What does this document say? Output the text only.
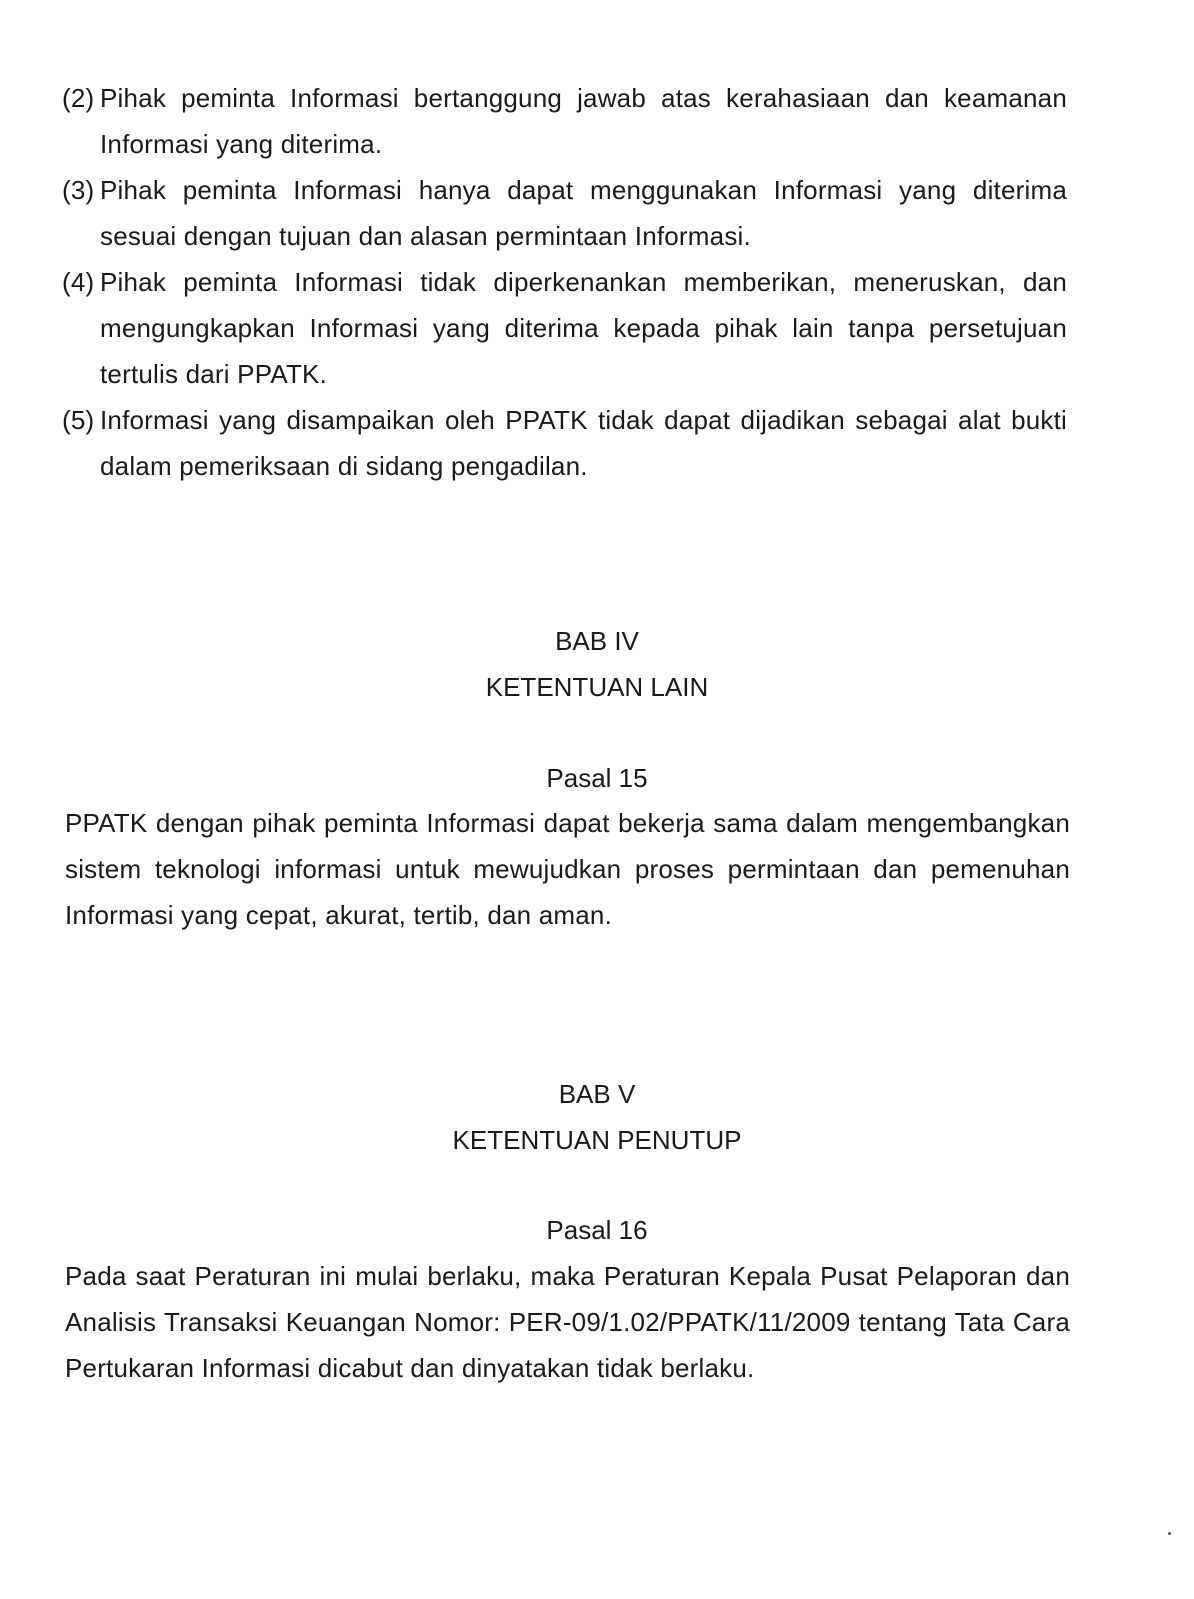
(2) Pihak peminta Informasi bertanggung jawab atas kerahasiaan dan keamanan Informasi yang diterima.
(3) Pihak peminta Informasi hanya dapat menggunakan Informasi yang diterima sesuai dengan tujuan dan alasan permintaan Informasi.
(4) Pihak peminta Informasi tidak diperkenankan memberikan, meneruskan, dan mengungkapkan Informasi yang diterima kepada pihak lain tanpa persetujuan tertulis dari PPATK.
(5) Informasi yang disampaikan oleh PPATK tidak dapat dijadikan sebagai alat bukti dalam pemeriksaan di sidang pengadilan.
BAB IV
KETENTUAN LAIN
Pasal 15

PPATK dengan pihak peminta Informasi dapat bekerja sama dalam mengembangkan sistem teknologi informasi untuk mewujudkan proses permintaan dan pemenuhan Informasi yang cepat, akurat, tertib, dan aman.

BAB V
KETENTUAN PENUTUP
Pasal 16

Pada saat Peraturan ini mulai berlaku, maka Peraturan Kepala Pusat Pelaporan dan Analisis Transaksi Keuangan Nomor: PER-09/1.02/PPATK/11/2009 tentang Tata Cara Pertukaran Informasi dicabut dan dinyatakan tidak berlaku.
